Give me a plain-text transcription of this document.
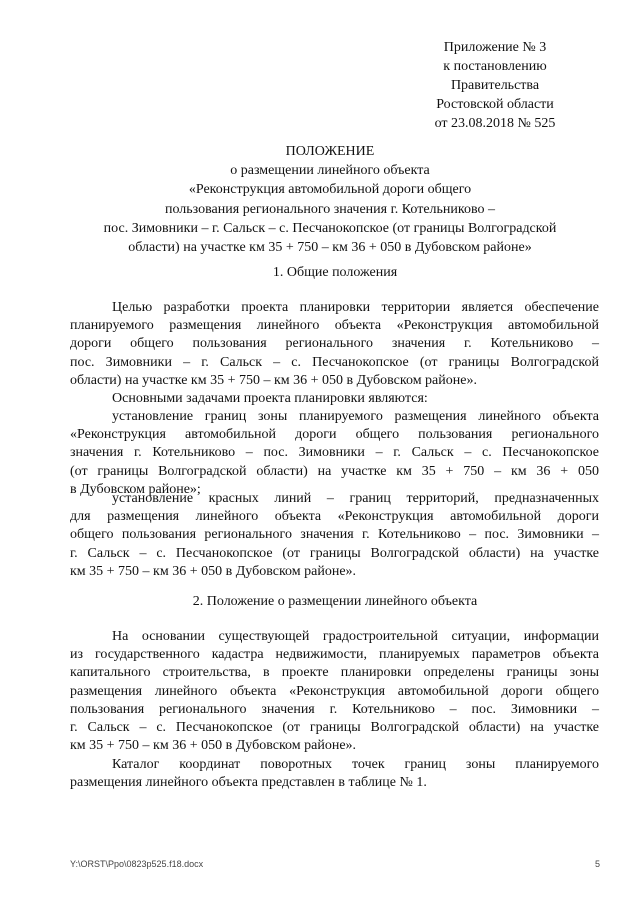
Приложение № 3
к постановлению
Правительства
Ростовской области
от 23.08.2018 № 525
ПОЛОЖЕНИЕ
о размещении линейного объекта
«Реконструкция автомобильной дороги общего
пользования регионального значения г. Котельниково –
пос. Зимовники – г. Сальск – с. Песчанокопское (от границы Волгоградской
области) на участке км 35 + 750 – км 36 + 050 в Дубовском районе»
1. Общие положения
Целью разработки проекта планировки территории является обеспечение
планируемого размещения линейного объекта «Реконструкция автомобильной
дороги общего пользования регионального значения г. Котельниково –
пос. Зимовники – г. Сальск – с. Песчанокопское (от границы Волгоградской
области) на участке км 35 + 750 – км 36 + 050 в Дубовском районе».
Основными задачами проекта планировки являются:
установление границ зоны планируемого размещения линейного объекта
«Реконструкция автомобильной дороги общего пользования регионального
значения г. Котельниково – пос. Зимовники – г. Сальск – с. Песчанокопское
(от границы Волгоградской области) на участке км 35 + 750 – км 36 + 050
в Дубовском районе»;
установление красных линий – границ территорий, предназначенных
для размещения линейного объекта «Реконструкция автомобильной дороги
общего пользования регионального значения г. Котельниково – пос. Зимовники –
г. Сальск – с. Песчанокопское (от границы Волгоградской области) на участке
км 35 + 750 – км 36 + 050 в Дубовском районе».
2. Положение о размещении линейного объекта
На основании существующей градостроительной ситуации, информации
из государственного кадастра недвижимости, планируемых параметров объекта
капитального строительства, в проекте планировки определены границы зоны
размещения линейного объекта «Реконструкция автомобильной дороги общего
пользования регионального значения г. Котельниково – пос. Зимовники –
г. Сальск – с. Песчанокопское (от границы Волгоградской области) на участке
км 35 + 750 – км 36 + 050 в Дубовском районе».
Каталог координат поворотных точек границ зоны планируемого
размещения линейного объекта представлен в таблице № 1.
Y:\ORST\Ppo\0823p525.f18.docx	5
